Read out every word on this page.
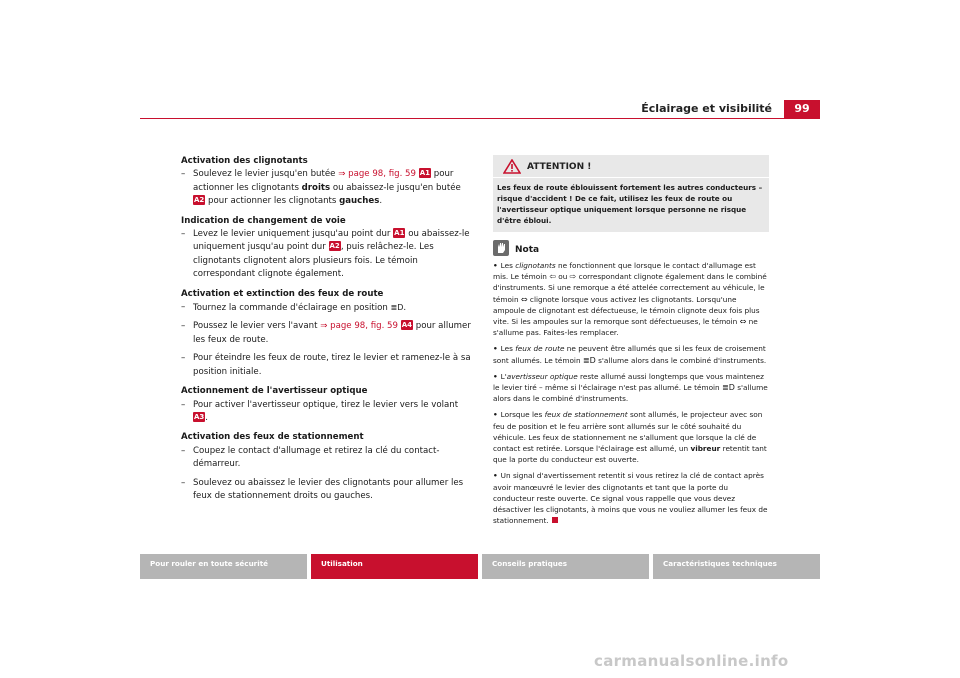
Éclairage et visibilité	99

Activation des clignotants

– Soulevez le levier jusqu'en butée ⇒ page 98, fig. 59 A1 pour actionner les clignotants droits ou abaissez-le jusqu'en butée A2 pour actionner les clignotants gauches.

Indication de changement de voie

– Levez le levier uniquement jusqu'au point dur A1 ou abaissez-le uniquement jusqu'au point dur A2, puis relâchez-le. Les clignotants clignotent alors plusieurs fois. Le témoin correspondant clignote également.

Activation et extinction des feux de route

– Tournez la commande d'éclairage en position ≣D.

– Poussez le levier vers l'avant ⇒ page 98, fig. 59 A4 pour allumer les feux de route.

– Pour éteindre les feux de route, tirez le levier et ramenez-le à sa position initiale.

Actionnement de l'avertisseur optique

– Pour activer l'avertisseur optique, tirez le levier vers le volant A3.

Activation des feux de stationnement

– Coupez le contact d'allumage et retirez la clé du contact-démarreur.

– Soulevez ou abaissez le levier des clignotants pour allumer les feux de stationnement droits ou gauches.

ATTENTION !
Les feux de route éblouissent fortement les autres conducteurs – risque d'accident ! De ce fait, utilisez les feux de route ou l'avertisseur optique uniquement lorsque personne ne risque d'être ébloui.
Nota

• Les clignotants ne fonctionnent que lorsque le contact d'allumage est mis. Le témoin ⇦ ou ⇨ correspondant clignote également dans le combiné d'instruments. Si une remorque a été attelée correctement au véhicule, le témoin ⇔ clignote lorsque vous activez les clignotants. Lorsqu'une ampoule de clignotant est défectueuse, le témoin clignote deux fois plus vite. Si les ampoules sur la remorque sont défectueuses, le témoin ⇔ ne s'allume pas. Faites-les remplacer.

• Les feux de route ne peuvent être allumés que si les feux de croisement sont allumés. Le témoin ≣D s'allume alors dans le combiné d'instruments.

• L'avertisseur optique reste allumé aussi longtemps que vous maintenez le levier tiré – même si l'éclairage n'est pas allumé. Le témoin ≣D s'allume alors dans le combiné d'instruments.

• Lorsque les feux de stationnement sont allumés, le projecteur avec son feu de position et le feu arrière sont allumés sur le côté souhaité du véhicule. Les feux de stationnement ne s'allument que lorsque la clé de contact est retirée. Lorsque l'éclairage est allumé, un vibreur retentit tant que la porte du conducteur est ouverte.

• Un signal d'avertissement retentit si vous retirez la clé de contact après avoir manœuvré le levier des clignotants et tant que la porte du conducteur reste ouverte. Ce signal vous rappelle que vous devez désactiver les clignotants, à moins que vous ne vouliez allumer les feux de stationnement.

Pour rouler en toute sécurité	Utilisation	Conseils pratiques	Caractéristiques techniques
carmanualsonline.info
